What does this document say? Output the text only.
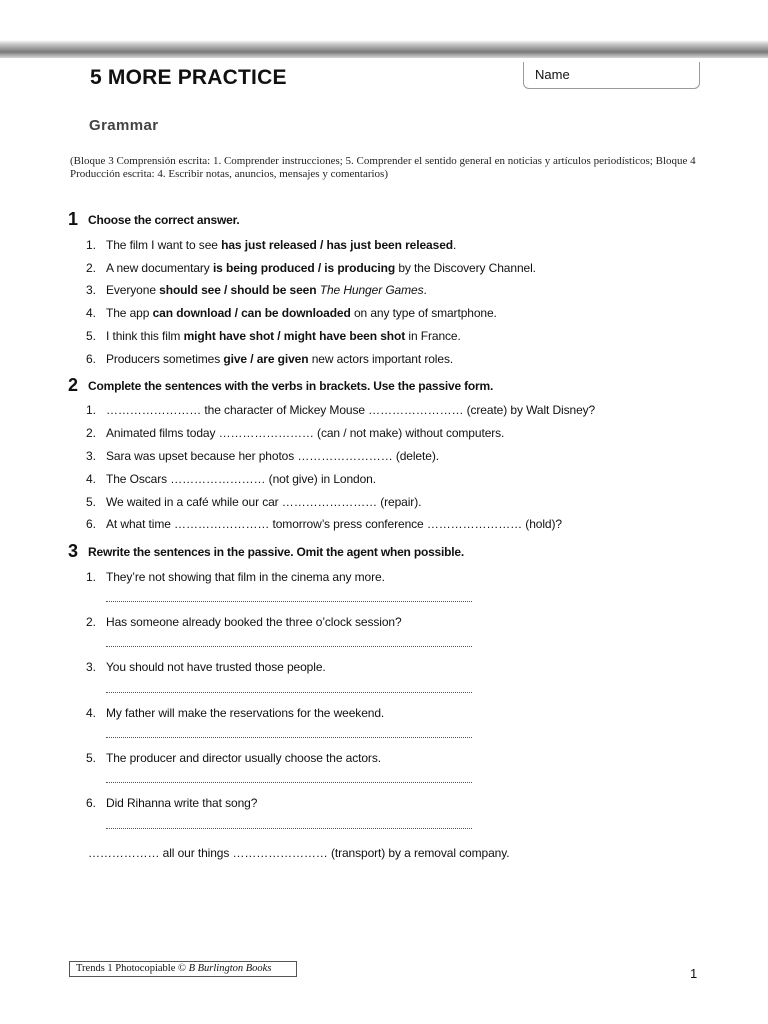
5 MORE PRACTICE	Name
Grammar
(Bloque 3 Comprensión escrita: 1. Comprender instrucciones; 5. Comprender el sentido general en noticias y artículos periodísticos; Bloque 4 Producción escrita: 4. Escribir notas, anuncios, mensajes y comentarios)
1 Choose the correct answer.
1. The film I want to see has just released / has just been released.
2. A new documentary is being produced / is producing by the Discovery Channel.
3. Everyone should see / should be seen The Hunger Games.
4. The app can download / can be downloaded on any type of smartphone.
5. I think this film might have shot / might have been shot in France.
6. Producers sometimes give / are given new actors important roles.
2 Complete the sentences with the verbs in brackets. Use the passive form.
1. …………………… the character of Mickey Mouse …………………… (create) by Walt Disney?
2. Animated films today …………………… (can / not make) without computers.
3. Sara was upset because her photos …………………… (delete).
4. The Oscars …………………… (not give) in London.
5. We waited in a café while our car …………………… (repair).
6. At what time …………………… tomorrow’s press conference …………………… (hold)?
3 Rewrite the sentences in the passive. Omit the agent when possible.
1. They’re not showing that film in the cinema any more.
2. Has someone already booked the three o’clock session?
3. You should not have trusted those people.
4. My father will make the reservations for the weekend.
5. The producer and director usually choose the actors.
6. Did Rihanna write that song?
……………… all our things …………………… (transport) by a removal company.
Trends 1 Photocopiable © B Burlington Books	1
